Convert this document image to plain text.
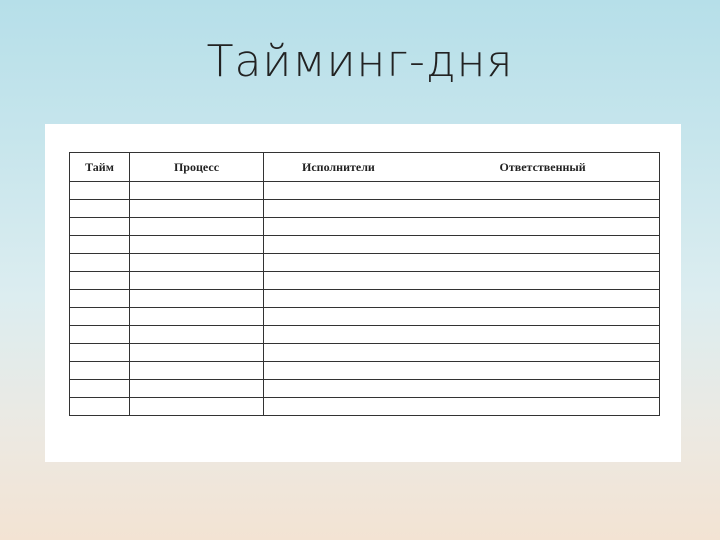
Тайминг-дня
Тайм	Процесс	Исполнители	Ответственный
